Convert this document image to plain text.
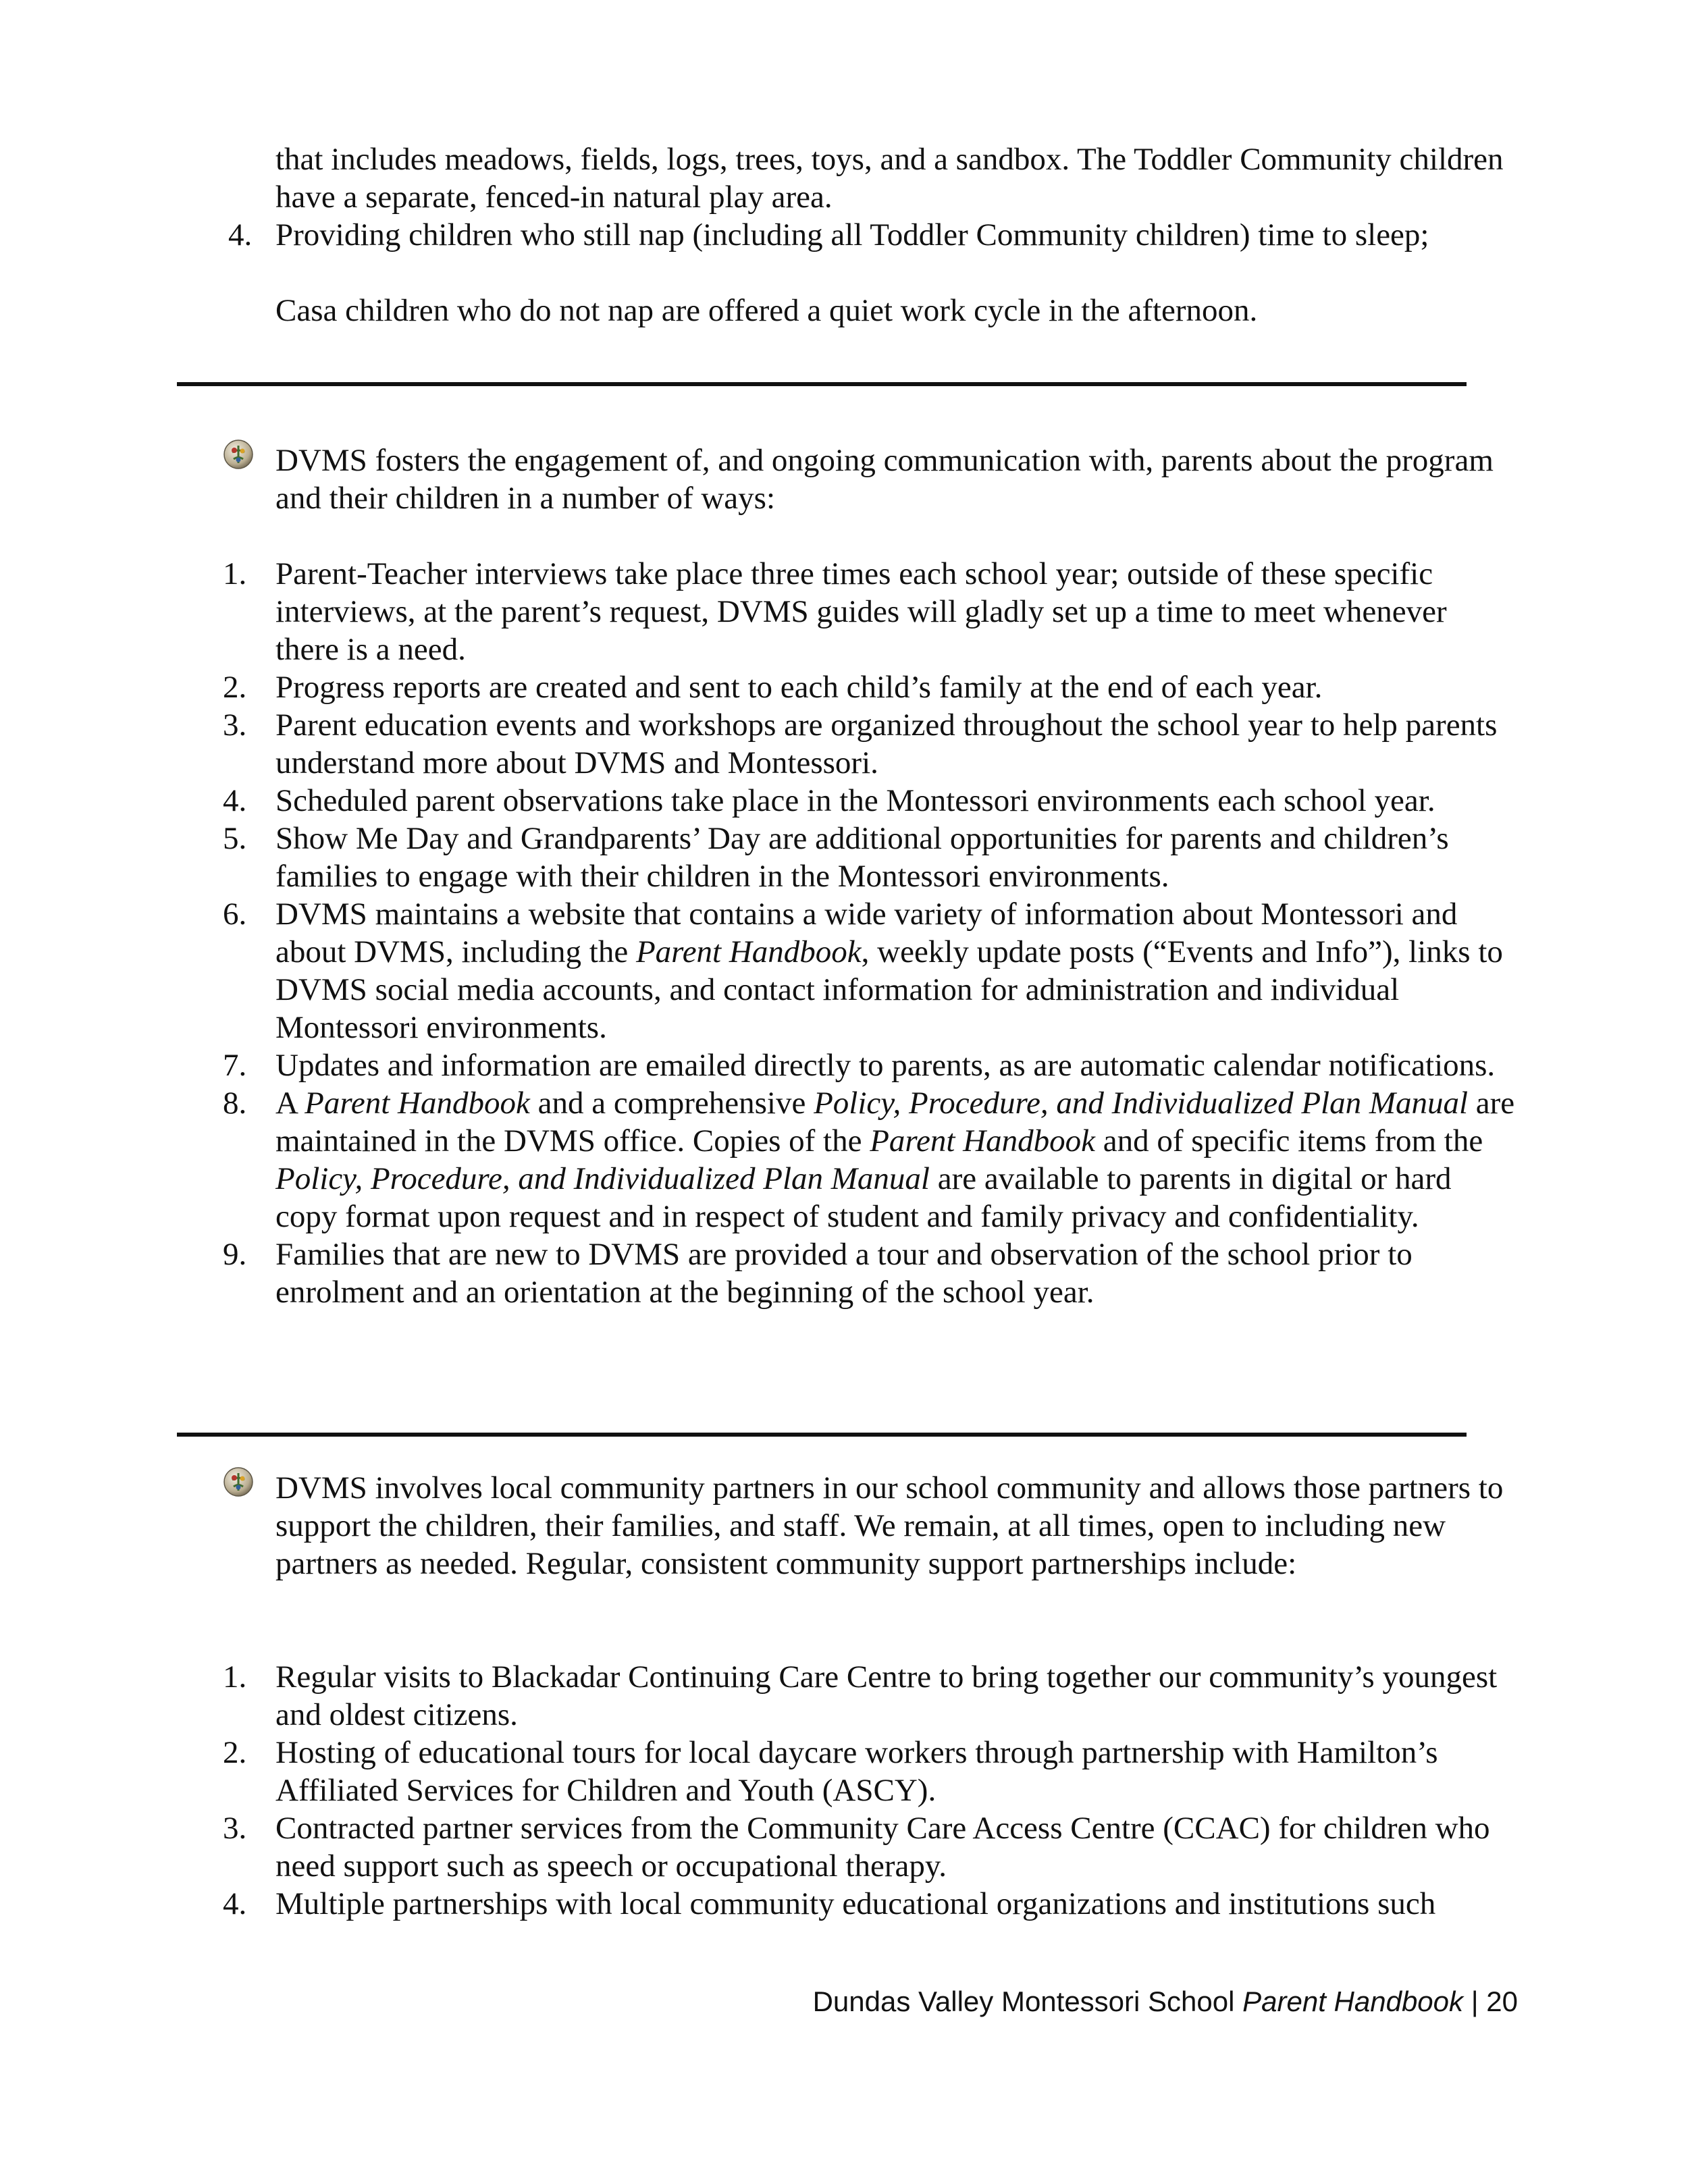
that includes meadows, fields, logs, trees, toys, and a sandbox. The Toddler Community children have a separate, fenced-in natural play area.
4. Providing children who still nap (including all Toddler Community children) time to sleep;
Casa children who do not nap are offered a quiet work cycle in the afternoon.
DVMS fosters the engagement of, and ongoing communication with, parents about the program and their children in a number of ways:
1. Parent-Teacher interviews take place three times each school year; outside of these specific interviews, at the parent’s request, DVMS guides will gladly set up a time to meet whenever there is a need.
2. Progress reports are created and sent to each child’s family at the end of each year.
3. Parent education events and workshops are organized throughout the school year to help parents understand more about DVMS and Montessori.
4. Scheduled parent observations take place in the Montessori environments each school year.
5. Show Me Day and Grandparents’ Day are additional opportunities for parents and children’s families to engage with their children in the Montessori environments.
6. DVMS maintains a website that contains a wide variety of information about Montessori and about DVMS, including the Parent Handbook, weekly update posts (“Events and Info”), links to DVMS social media accounts, and contact information for administration and individual Montessori environments.
7. Updates and information are emailed directly to parents, as are automatic calendar notifications.
8. A Parent Handbook and a comprehensive Policy, Procedure, and Individualized Plan Manual are maintained in the DVMS office. Copies of the Parent Handbook and of specific items from the Policy, Procedure, and Individualized Plan Manual are available to parents in digital or hard copy format upon request and in respect of student and family privacy and confidentiality.
9. Families that are new to DVMS are provided a tour and observation of the school prior to enrolment and an orientation at the beginning of the school year.
DVMS involves local community partners in our school community and allows those partners to support the children, their families, and staff. We remain, at all times, open to including new partners as needed. Regular, consistent community support partnerships include:
1. Regular visits to Blackadar Continuing Care Centre to bring together our community’s youngest and oldest citizens.
2. Hosting of educational tours for local daycare workers through partnership with Hamilton’s Affiliated Services for Children and Youth (ASCY).
3. Contracted partner services from the Community Care Access Centre (CCAC) for children who need support such as speech or occupational therapy.
4. Multiple partnerships with local community educational organizations and institutions such
Dundas Valley Montessori School Parent Handbook | 20
